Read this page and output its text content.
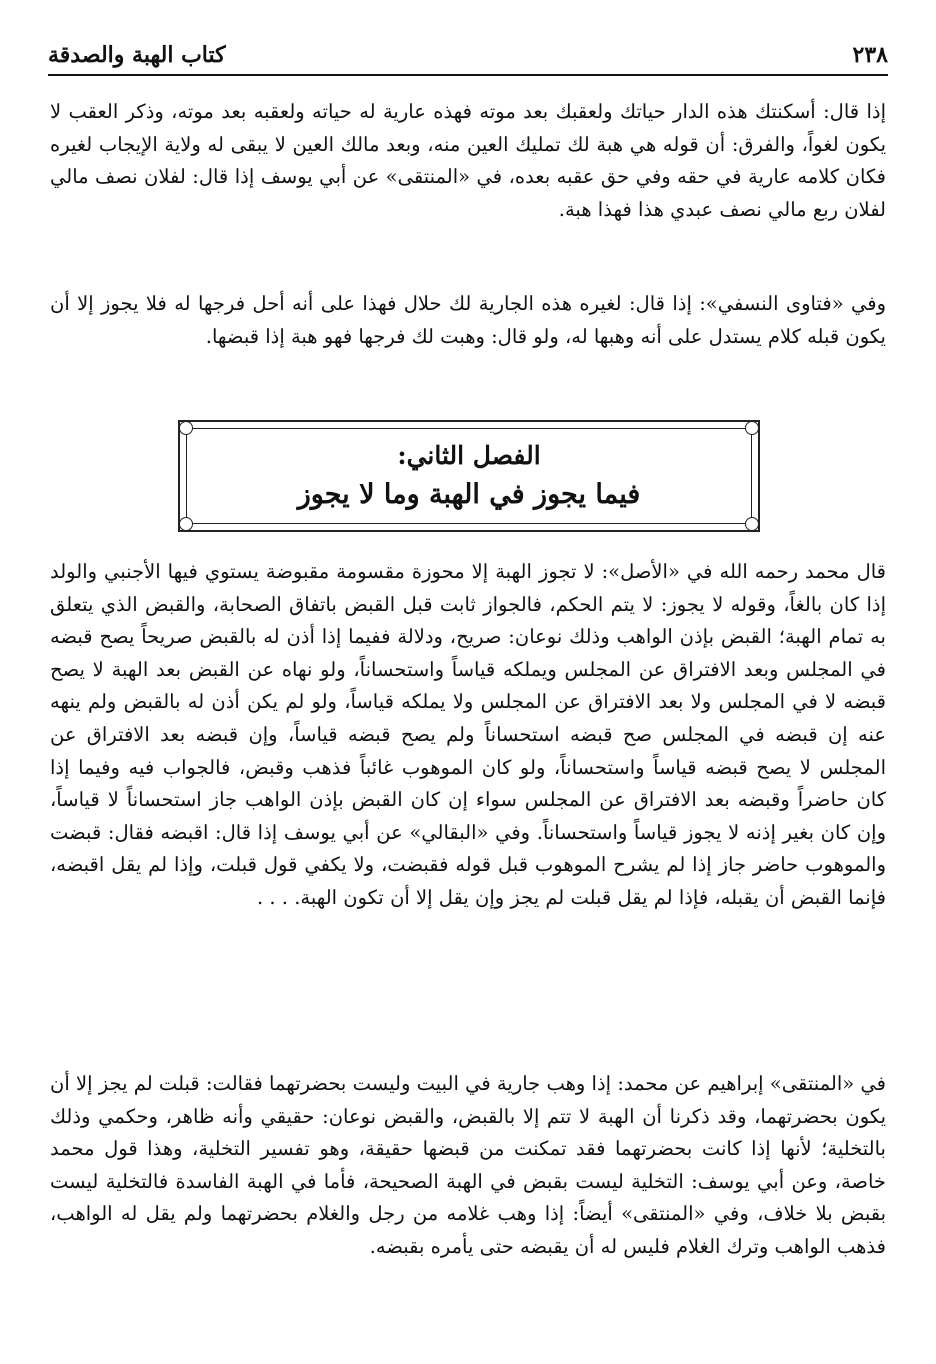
٢٣٨
كتاب الهبة والصدقة

إذا قال: أسكنتك هذه الدار حياتك ولعقبك بعد موته فهذه عارية له حياته ولعقبه بعد موته، وذكر العقب لا يكون لغواً، والفرق: أن قوله هي هبة لك تمليك العين منه، وبعد مالك العين لا يبقى له ولاية الإيجاب لغيره فكان كلامه عارية في حقه وفي حق عقبه بعده، في «المنتقى» عن أبي يوسف إذا قال: لفلان نصف مالي لفلان ربع مالي نصف عبدي هذا فهذا هبة.

وفي «فتاوى النسفي»: إذا قال: لغيره هذه الجارية لك حلال فهذا على أنه أحل فرجها له فلا يجوز إلا أن يكون قبله كلام يستدل على أنه وهبها له، ولو قال: وهبت لك فرجها فهو هبة إذا قبضها.

الفصل الثاني:
فيما يجوز في الهبة وما لا يجوز

قال محمد رحمه الله في «الأصل»: لا تجوز الهبة إلا محوزة مقسومة مقبوضة يستوي فيها الأجنبي والولد إذا كان بالغاً، وقوله لا يجوز: لا يتم الحكم، فالجواز ثابت قبل القبض باتفاق الصحابة، والقبض الذي يتعلق به تمام الهبة؛ القبض بإذن الواهب وذلك نوعان: صريح، ودلالة ففيما إذا أذن له بالقبض صريحاً يصح قبضه في المجلس وبعد الافتراق عن المجلس ويملكه قياساً واستحساناً، ولو نهاه عن القبض بعد الهبة لا يصح قبضه لا في المجلس ولا بعد الافتراق عن المجلس ولا يملكه قياساً، ولو لم يكن أذن له بالقبض ولم ينهه عنه إن قبضه في المجلس صح قبضه استحساناً ولم يصح قبضه قياساً، وإن قبضه بعد الافتراق عن المجلس لا يصح قبضه قياساً واستحساناً، ولو كان الموهوب غائباً فذهب وقبض، فالجواب فيه وفيما إذا كان حاضراً وقبضه بعد الافتراق عن المجلس سواء إن كان القبض بإذن الواهب جاز استحساناً لا قياساً، وإن كان بغير إذنه لا يجوز قياساً واستحساناً. وفي «البقالي» عن أبي يوسف إذا قال: اقبضه فقال: قبضت والموهوب حاضر جاز إذا لم يشرح الموهوب قبل قوله فقبضت، ولا يكفي قول قبلت، وإذا لم يقل اقبضه، فإنما القبض أن يقبله، فإذا لم يقل قبلت لم يجز وإن يقل إلا أن تكون الهبة. . . .

في «المنتقى» إبراهيم عن محمد: إذا وهب جارية في البيت وليست بحضرتهما فقالت: قبلت لم يجز إلا أن يكون بحضرتهما، وقد ذكرنا أن الهبة لا تتم إلا بالقبض، والقبض نوعان: حقيقي وأنه ظاهر، وحكمي وذلك بالتخلية؛ لأنها إذا كانت بحضرتهما فقد تمكنت من قبضها حقيقة، وهو تفسير التخلية، وهذا قول محمد خاصة، وعن أبي يوسف: التخلية ليست بقبض في الهبة الصحيحة، فأما في الهبة الفاسدة فالتخلية ليست بقبض بلا خلاف، وفي «المنتقى» أيضاً: إذا وهب غلامه من رجل والغلام بحضرتهما ولم يقل له الواهب، فذهب الواهب وترك الغلام فليس له أن يقبضه حتى يأمره بقبضه.
